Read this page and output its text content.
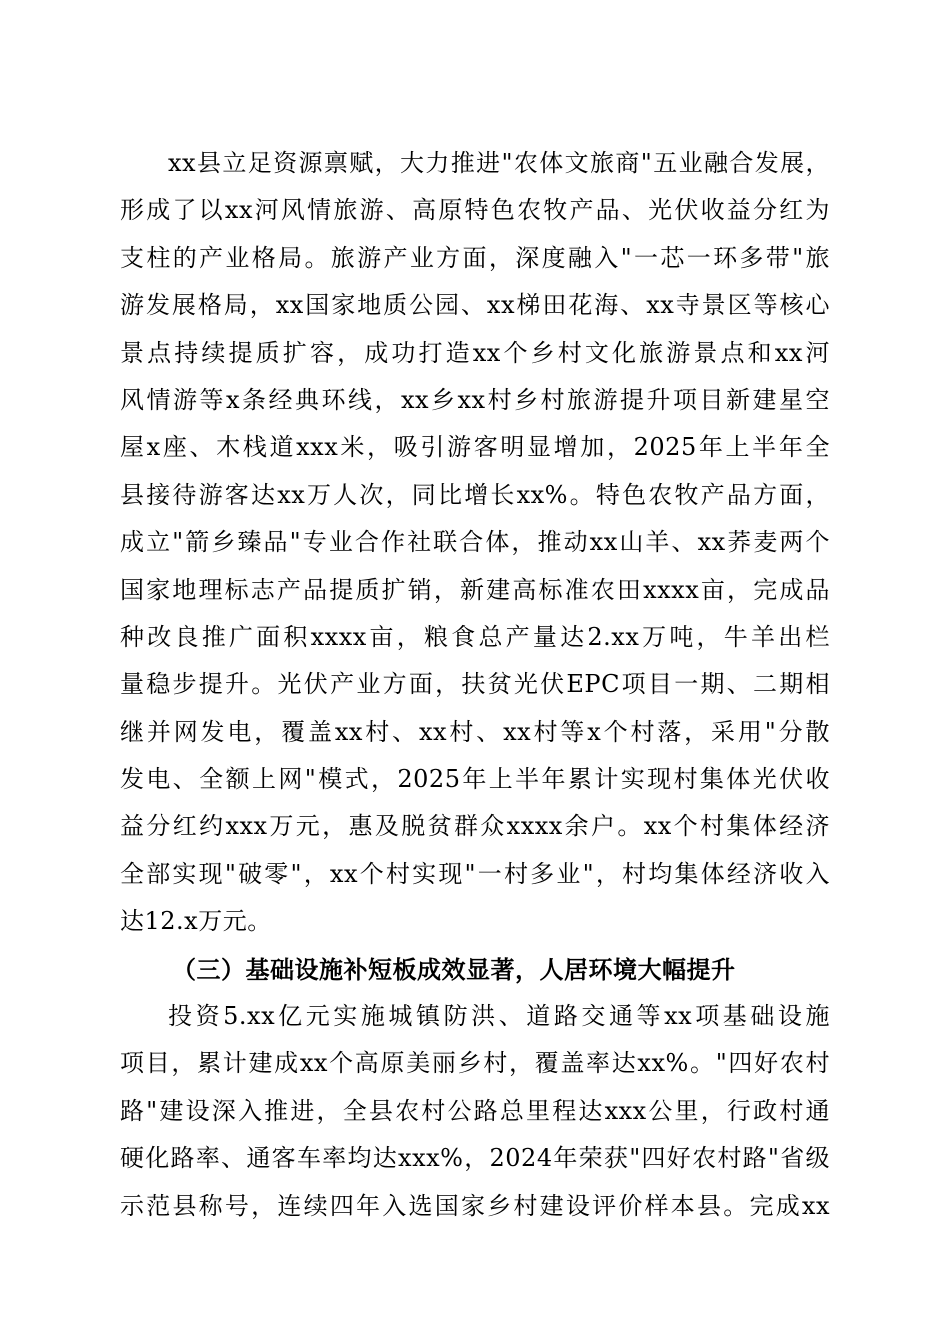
xx县立足资源禀赋，大力推进"农体文旅商"五业融合发展，
形成了以xx河风情旅游、高原特色农牧产品、光伏收益分红为
支柱的产业格局。旅游产业方面，深度融入"一芯一环多带"旅
游发展格局，xx国家地质公园、xx梯田花海、xx寺景区等核心
景点持续提质扩容，成功打造xx个乡村文化旅游景点和xx河
风情游等x条经典环线，xx乡xx村乡村旅游提升项目新建星空
屋x座、木栈道xxx米，吸引游客明显增加，2025年上半年全
县接待游客达xx万人次，同比增长xx%。特色农牧产品方面，
成立"箭乡臻品"专业合作社联合体，推动xx山羊、xx荞麦两个
国家地理标志产品提质扩销，新建高标准农田xxxx亩，完成品
种改良推广面积xxxx亩，粮食总产量达2.xx万吨，牛羊出栏
量稳步提升。光伏产业方面，扶贫光伏EPC项目一期、二期相
继并网发电，覆盖xx村、xx村、xx村等x个村落，采用"分散
发电、全额上网"模式，2025年上半年累计实现村集体光伏收
益分红约xxx万元，惠及脱贫群众xxxx余户。xx个村集体经济
全部实现"破零"，xx个村实现"一村多业"，村均集体经济收入
达12.x万元。
（三）基础设施补短板成效显著，人居环境大幅提升
投资5.xx亿元实施城镇防洪、道路交通等xx项基础设施
项目，累计建成xx个高原美丽乡村，覆盖率达xx%。"四好农村
路"建设深入推进，全县农村公路总里程达xxx公里，行政村通
硬化路率、通客车率均达xxx%，2024年荣获"四好农村路"省级
示范县称号，连续四年入选国家乡村建设评价样本县。完成xx
